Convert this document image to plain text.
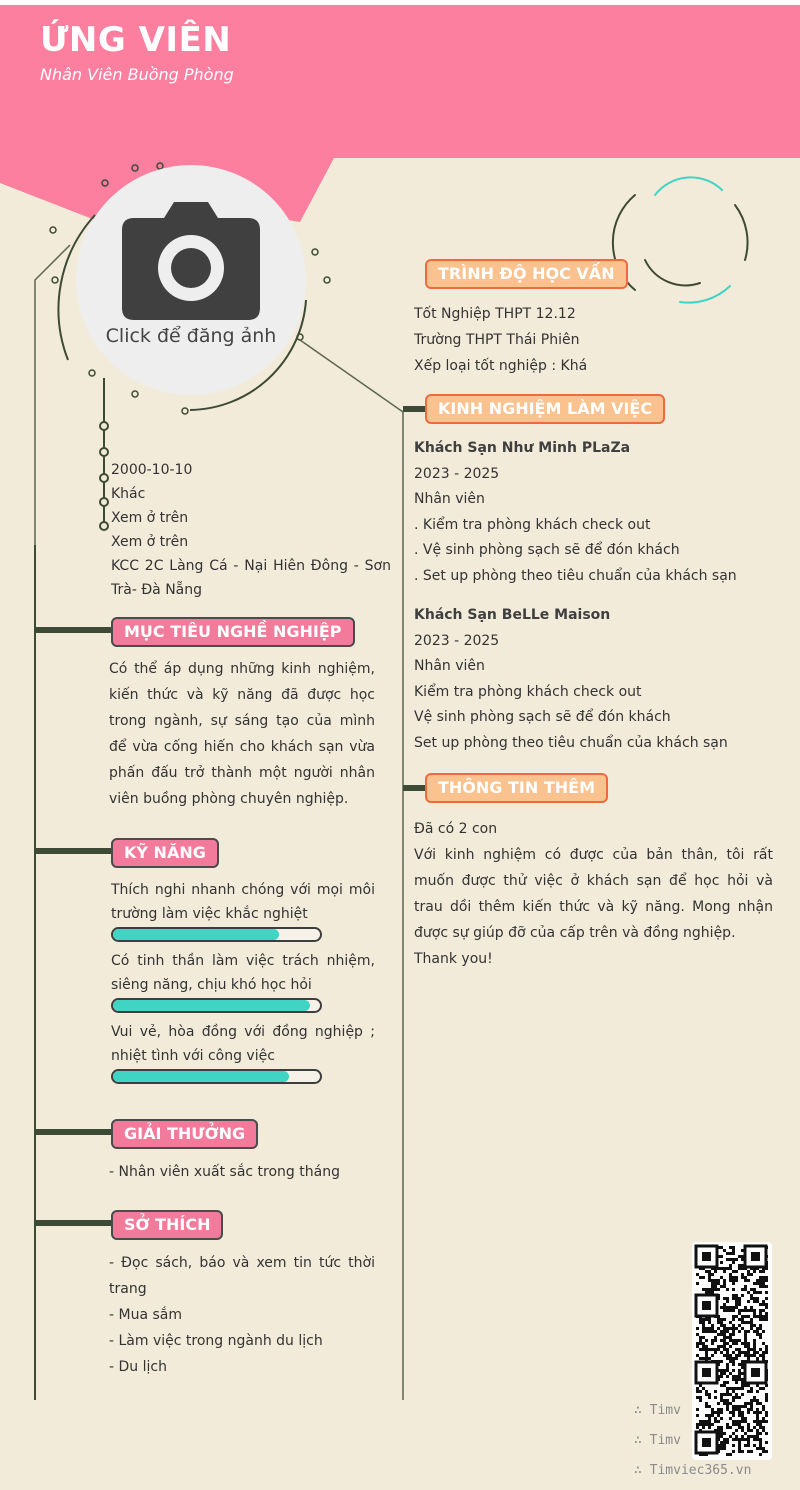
ỨNG VIÊN
Nhân Viên Buồng Phòng
Click để đăng ảnh
2000-10-10
Khác
Xem ở trên
Xem ở trên
KCC 2C Làng Cá - Nại Hiên Đông - Sơn Trà- Đà Nẵng
MỤC TIÊU NGHỀ NGHIỆP
Có thể áp dụng những kinh nghiệm, kiến thức và kỹ năng đã được học trong ngành, sự sáng tạo của mình để vừa cống hiến cho khách sạn vừa phấn đấu trở thành một người nhân viên buồng phòng chuyên nghiệp.
KỸ NĂNG
Thích nghi nhanh chóng với mọi môi trường làm việc khắc nghiệt
Có tinh thần làm việc trách nhiệm, siêng năng, chịu khó học hỏi
Vui vẻ, hòa đồng với đồng nghiệp ; nhiệt tình với công việc
GIẢI THƯỞNG
- Nhân viên xuất sắc trong tháng
SỞ THÍCH
- Đọc sách, báo và xem tin tức thời trang
- Mua sắm
- Làm việc trong ngành du lịch
- Du lịch
TRÌNH ĐỘ HỌC VẤN
Tốt Nghiệp THPT 12.12
Trường THPT Thái Phiên
Xếp loại tốt nghiệp : Khá
KINH NGHIỆM LÀM VIỆC
Khách Sạn Như Minh PLaZa
2023 - 2025
Nhân viên
. Kiểm tra phòng khách check out
. Vệ sinh phòng sạch sẽ để đón khách
. Set up phòng theo tiêu chuẩn của khách sạn
Khách Sạn BeLLe Maison
2023 - 2025
Nhân viên
Kiểm tra phòng khách check out
Vệ sinh phòng sạch sẽ để đón khách
Set up phòng theo tiêu chuẩn của khách sạn
THÔNG TIN THÊM
Đã có 2 con
Với kinh nghiệm có được của bản thân, tôi rất muốn được thử việc ở khách sạn để học hỏi và trau dồi thêm kiến thức và kỹ năng. Mong nhận được sự giúp đỡ của cấp trên và đồng nghiệp.
Thank you!
∴ Timv
∴ Timv
∴ Timviec365.vn
